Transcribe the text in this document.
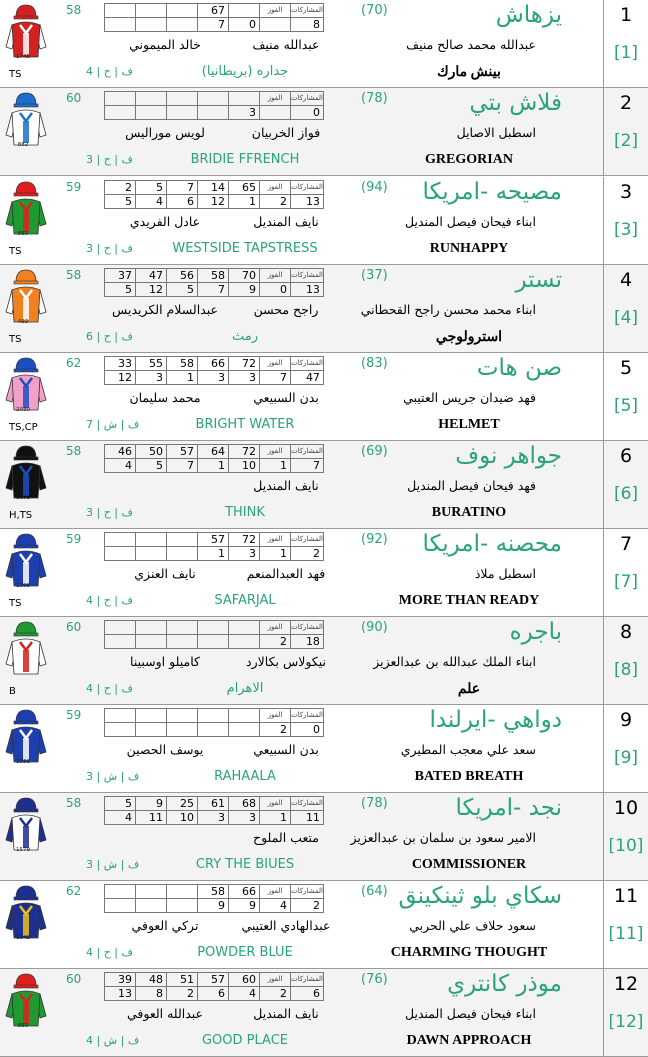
1
[1]
يزهاش
(70)
عبدالله محمد صالح منيف
بينش مارك
(جداره (بريطانيا
58
ف | ح | 4
TS
عبدالله منيف
خالد الميموني
			67		الفوز	المشاركات
			7	0		8
1745
2
[2]
فلاش بتي
(78)
اسطبل الاصايل
GREGORIAN
BRIDIE FFRENCH
60
ف | ح | 3
فواز الخربيان
لويس موراليس
					الفوز	المشاركات
				3		0
882
3
[3]
مصيحه -امريكا
(94)
ابناء فيحان فيصل المنديل
RUNHAPPY
WESTSIDE TAPSTRESS
59
ف | ح | 3
TS
نايف المنديل
عادل الفريدي
2	5	7	14	65	الفوز	المشاركات
5	4	6	12	1	2	13
880
4
[4]
تستر
(37)
ابناء محمد محسن راجح القحطاني
استرولوجي
رمث
58
ف | ح | 6
TS
راجح محسن
عبدالسلام الكريديس
37	47	56	58	70	الفوز	المشاركات
5	12	5	7	9	0	13
492
5
[5]
صن هات
(83)
فهد ضيدان جريس العتيبي
HELMET
BRIGHT WATER
62
ف | ش | 7
TS,CP
بدن السبيعي
محمد سليمان
33	55	58	66	72	الفوز	المشاركات
12	3	1	3	3	7	47
2030
6
[6]
جواهر نوف
(69)
فهد فيحان فيصل المنديل
BURATINO
THINK
58
ف | ح | 3
H,TS
نايف المنديل
46	50	57	64	72	الفوز	المشاركات
4	5	7	1	10	1	7
1101
7
[7]
محصنه -امريكا
(92)
اسطبل ملاذ
MORE THAN READY
SAFARJAL
59
ف | ح | 4
TS
فهد العبدالمنعم
نايف العنزي
			57	72	الفوز	المشاركات
			1	3	1	2
1309
8
[8]
باجره
(90)
ابناء الملك عبدالله بن عبدالعزيز
علم
الاهرام
60
ف | ح | 4
B
نيكولاس بكالارد
كاميلو اوسبينا
					الفوز	المشاركات
					2	18
9
[9]
دواهي -ايرلندا
سعد علي معجب المطيري
BATED BREATH
RAHAALA
59
ف | ش | 3
بدن السبيعي
يوسف الحصين
					الفوز	المشاركات
					2	0
1931
10
[10]
نجد -امريكا
(78)
الامير سعود بن سلمان بن عبدالعزيز
COMMISSIONER
CRY THE BIUES
58
ف | ش | 3
متعب الملوح
5	9	25	61	68	الفوز	المشاركات
4	11	10	3	3	1	11
1579
11
[11]
سكاي بلو ثينكينق
(64)
سعود حلاف علي الحربي
CHARMING THOUGHT
POWDER BLUE
62
ف | ح | 4
عبدالهادي العتيبي
تركي العوفي
			58	66	الفوز	المشاركات
			9	9	4	2
1342
12
[12]
موذر كانتري
(76)
ابناء فيحان فيصل المنديل
DAWN APPROACH
GOOD PLACE
60
ف | ش | 4
نايف المنديل
عبدالله العوفي
39	48	51	57	60	الفوز	المشاركات
13	8	2	6	4	2	6
880
